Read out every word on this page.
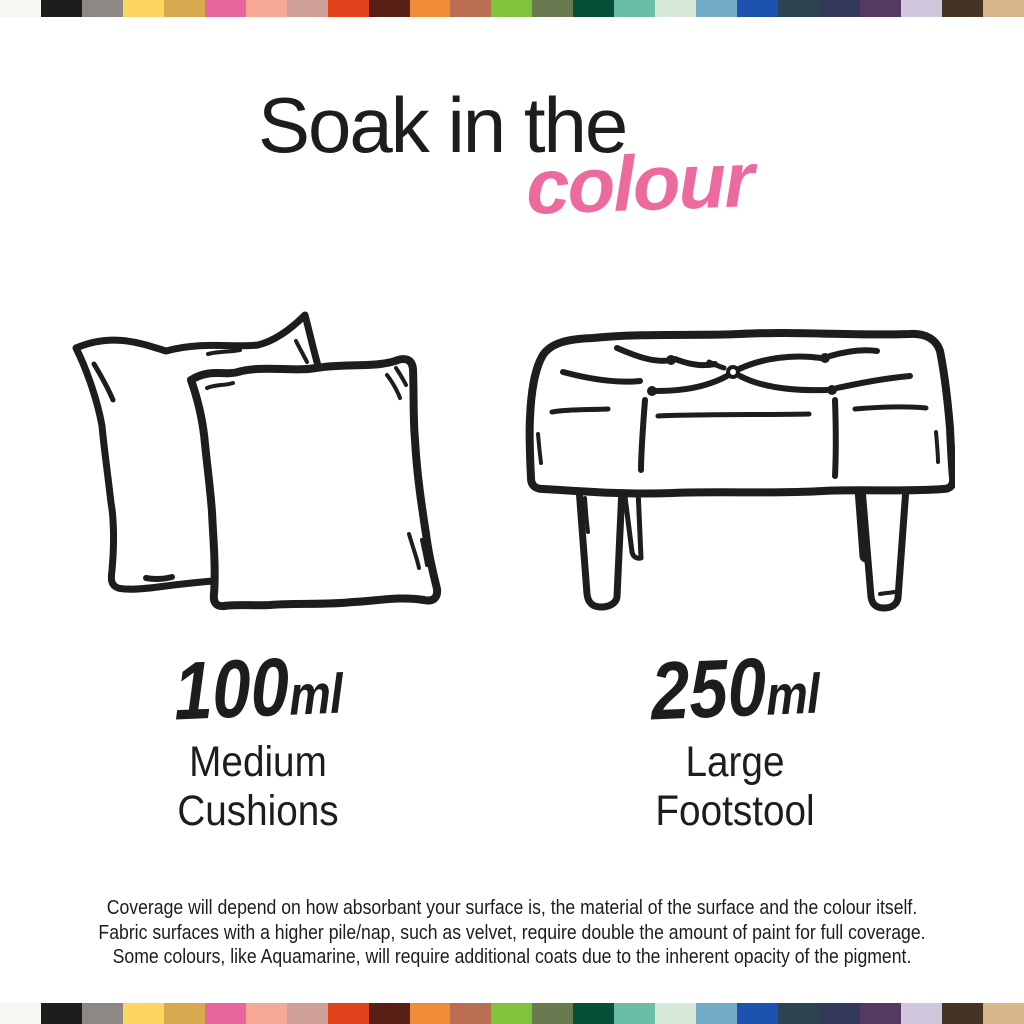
Soak in the
colour
100ml
Medium
Cushions
250ml
Large
Footstool
Coverage will depend on how absorbant your surface is, the material of the surface and the colour itself.
Fabric surfaces with a higher pile/nap, such as velvet, require double the amount of paint for full coverage.
Some colours, like Aquamarine, will require additional coats due to the inherent opacity of the pigment.
